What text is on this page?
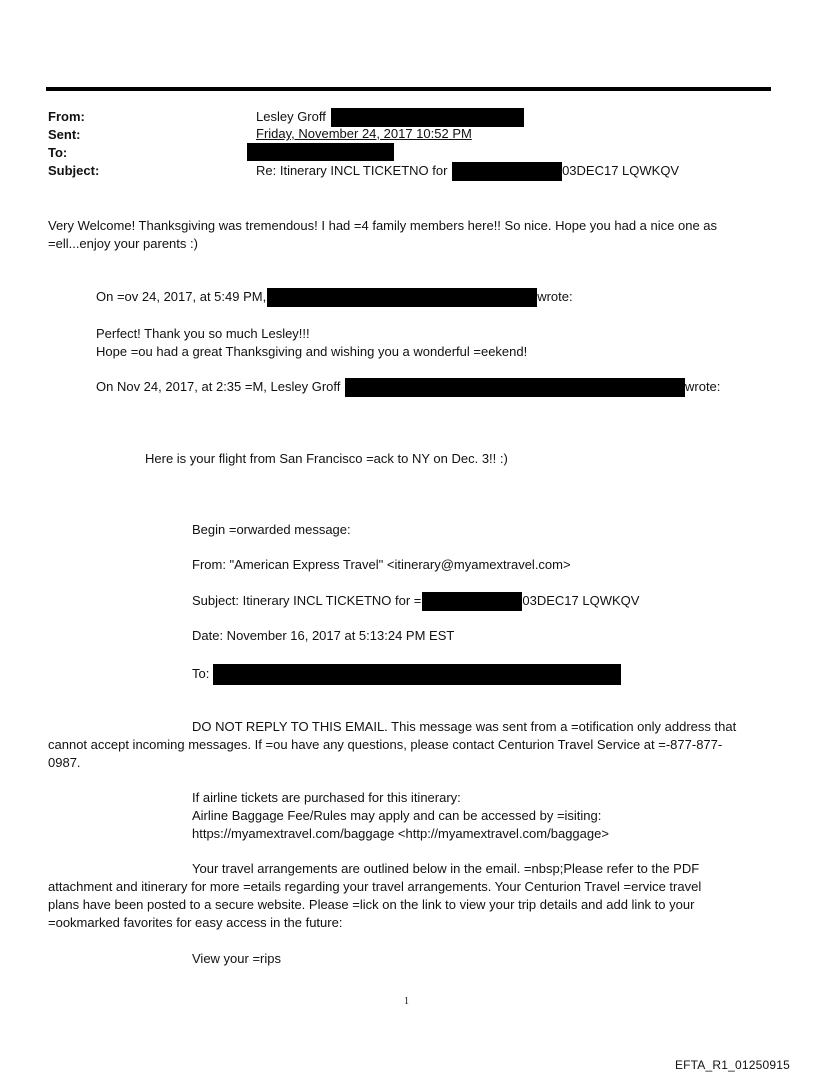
From:	Lesley Groff
Sent:	Friday, November 24, 2017 10:52 PM
To:
Subject:	Re: Itinerary INCL TICKETNO for	03DEC17 LQWKQV
Very Welcome! Thanksgiving was tremendous! I had =4 family members here!! So nice. Hope you had a nice one as
=ell...enjoy your parents :)
On =ov 24, 2017, at 5:49 PM,	wrote:
Perfect! Thank you so much Lesley!!!
Hope =ou had a great Thanksgiving and wishing you a wonderful =eekend!
On Nov 24, 2017, at 2:35 =M, Lesley Groff	wrote:
Here is your flight from San Francisco =ack to NY on Dec. 3!! :)
Begin =orwarded message:
From: "American Express Travel" <itinerary@myamextravel.com>
Subject: Itinerary INCL TICKETNO for =	03DEC17 LQWKQV
Date: November 16, 2017 at 5:13:24 PM EST
To:
DO NOT REPLY TO THIS EMAIL. This message was sent from a =otification only address that
cannot accept incoming messages. If =ou have any questions, please contact Centurion Travel Service at =-877-877-
0987.
If airline tickets are purchased for this itinerary:
Airline Baggage Fee/Rules may apply and can be accessed by =isiting:
https://myamextravel.com/baggage <http://myamextravel.com/baggage>
Your travel arrangements are outlined below in the email. =nbsp;Please refer to the PDF
attachment and itinerary for more =etails regarding your travel arrangements. Your Centurion Travel =ervice travel
plans have been posted to a secure website. Please =lick on the link to view your trip details and add link to your
=ookmarked favorites for easy access in the future:
View your =rips
1
EFTA_R1_01250915
